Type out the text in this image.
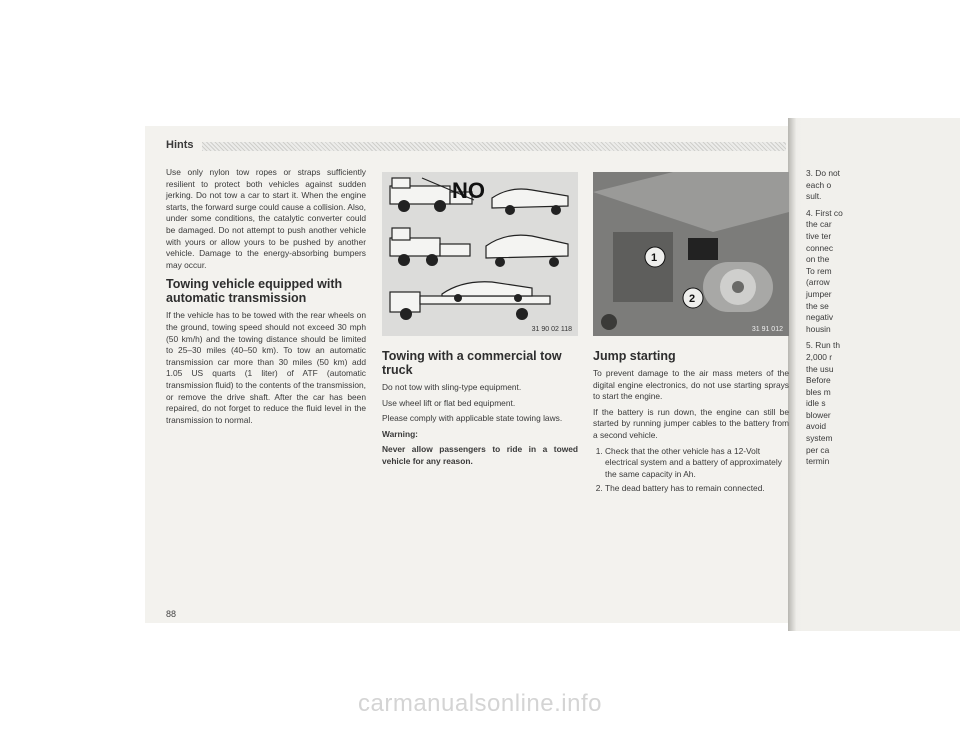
Hints

Use only nylon tow ropes or straps sufficiently resilient to protect both vehicles against sudden jerking. Do not tow a car to start it. When the engine starts, the forward surge could cause a collision. Also, under some conditions, the catalytic converter could be damaged. Do not attempt to push another vehicle with yours or allow yours to be pushed by another vehicle. Damage to the energy-absorbing bumpers may occur.

Towing vehicle equipped with automatic transmission

If the vehicle has to be towed with the rear wheels on the ground, towing speed should not exceed 30 mph (50 km/h) and the towing distance should be limited to 25–30 miles (40–50 km). To tow an automatic transmission car more than 30 miles (50 km) add 1.05 US quarts (1 liter) of ATF (automatic transmission fluid) to the contents of the transmission, or remove the drive shaft. After the car has been repaired, do not forget to reduce the fluid level in the transmission to normal.

NO
31 90 02 118
1
2
31 91 012
Towing with a commercial tow truck

Do not tow with sling-type equipment.

Use wheel lift or flat bed equipment.

Please comply with applicable state towing laws.

Warning:

Never allow passengers to ride in a towed vehicle for any reason.

Jump starting

To prevent damage to the air mass meters of the digital engine electronics, do not use starting sprays to start the engine.

If the battery is run down, the engine can still be started by running jumper cables to the battery from a second vehicle.

1. Check that the other vehicle has a 12-Volt electrical system and a battery of approximately the same capacity in Ah.
2. The dead battery has to remain connected.
3. Do not
each o
sult.
4. First co
the car
tive ter
connec
on the
To rem
(arrow
jumper
the se
negativ
housin
5. Run th
2,000 r
the usu
Before
bles m
idle s
blower
avoid
system
per ca
termin
88
carmanualsonline.info
